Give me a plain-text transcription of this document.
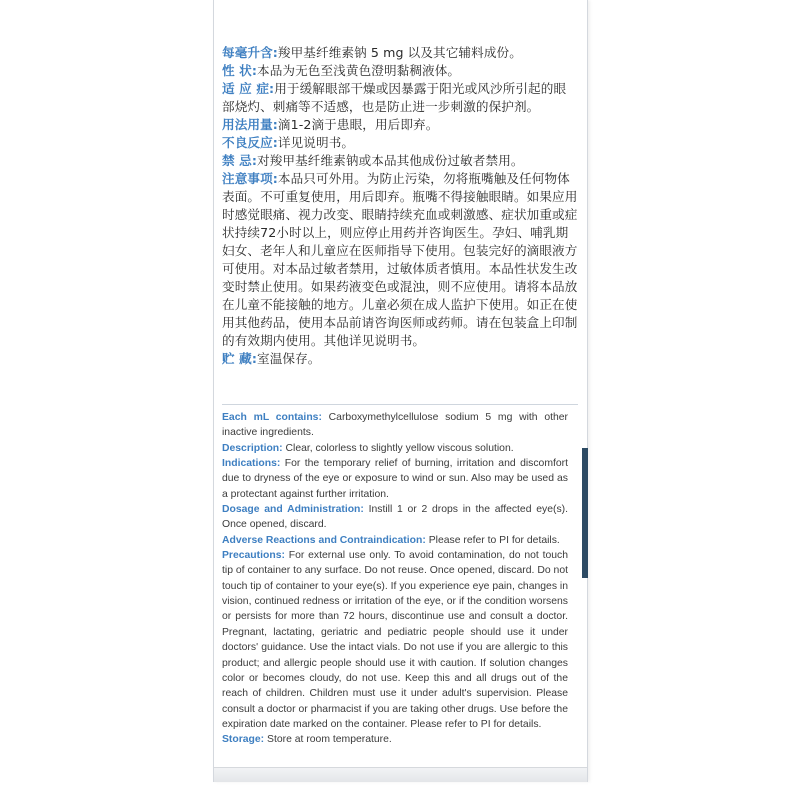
每毫升含:羧甲基纤维素钠 5 mg 以及其它辅料成份。

性 状:本品为无色至浅黄色澄明黏稠液体。

适 应 症:用于缓解眼部干燥或因暴露于阳光或风沙所引起的眼部烧灼、刺痛等不适感，也是防止进一步刺激的保护剂。

用法用量:滴1-2滴于患眼，用后即弃。

不良反应:详见说明书。

禁 忌:对羧甲基纤维素钠或本品其他成份过敏者禁用。

注意事项:本品只可外用。为防止污染，勿将瓶嘴触及任何物体表面。不可重复使用，用后即弃。瓶嘴不得接触眼睛。如果应用时感觉眼痛、视力改变、眼睛持续充血或刺激感、症状加重或症状持续72小时以上，则应停止用药并咨询医生。孕妇、哺乳期妇女、老年人和儿童应在医师指导下使用。包装完好的滴眼液方可使用。对本品过敏者禁用，过敏体质者慎用。本品性状发生改变时禁止使用。如果药液变色或混浊，则不应使用。请将本品放在儿童不能接触的地方。儿童必须在成人监护下使用。如正在使用其他药品，使用本品前请咨询医师或药师。请在包装盒上印制的有效期内使用。其他详见说明书。

贮 藏:室温保存。

Each mL contains: Carboxymethylcellulose sodium 5 mg with other inactive ingredients.

Description: Clear, colorless to slightly yellow viscous solution.

Indications: For the temporary relief of burning, irritation and discomfort due to dryness of the eye or exposure to wind or sun. Also may be used as a protectant against further irritation.

Dosage and Administration: Instill 1 or 2 drops in the affected eye(s). Once opened, discard.

Adverse Reactions and Contraindication: Please refer to PI for details.

Precautions: For external use only. To avoid contamination, do not touch tip of container to any surface. Do not reuse. Once opened, discard. Do not touch tip of container to your eye(s). If you experience eye pain, changes in vision, continued redness or irritation of the eye, or if the condition worsens or persists for more than 72 hours, discontinue use and consult a doctor. Pregnant, lactating, geriatric and pediatric people should use it under doctors' guidance. Use the intact vials. Do not use if you are allergic to this product; and allergic people should use it with caution. If solution changes color or becomes cloudy, do not use. Keep this and all drugs out of the reach of children. Children must use it under adult's supervision. Please consult a doctor or pharmacist if you are taking other drugs. Use before the expiration date marked on the container. Please refer to PI for details.

Storage: Store at room temperature.
